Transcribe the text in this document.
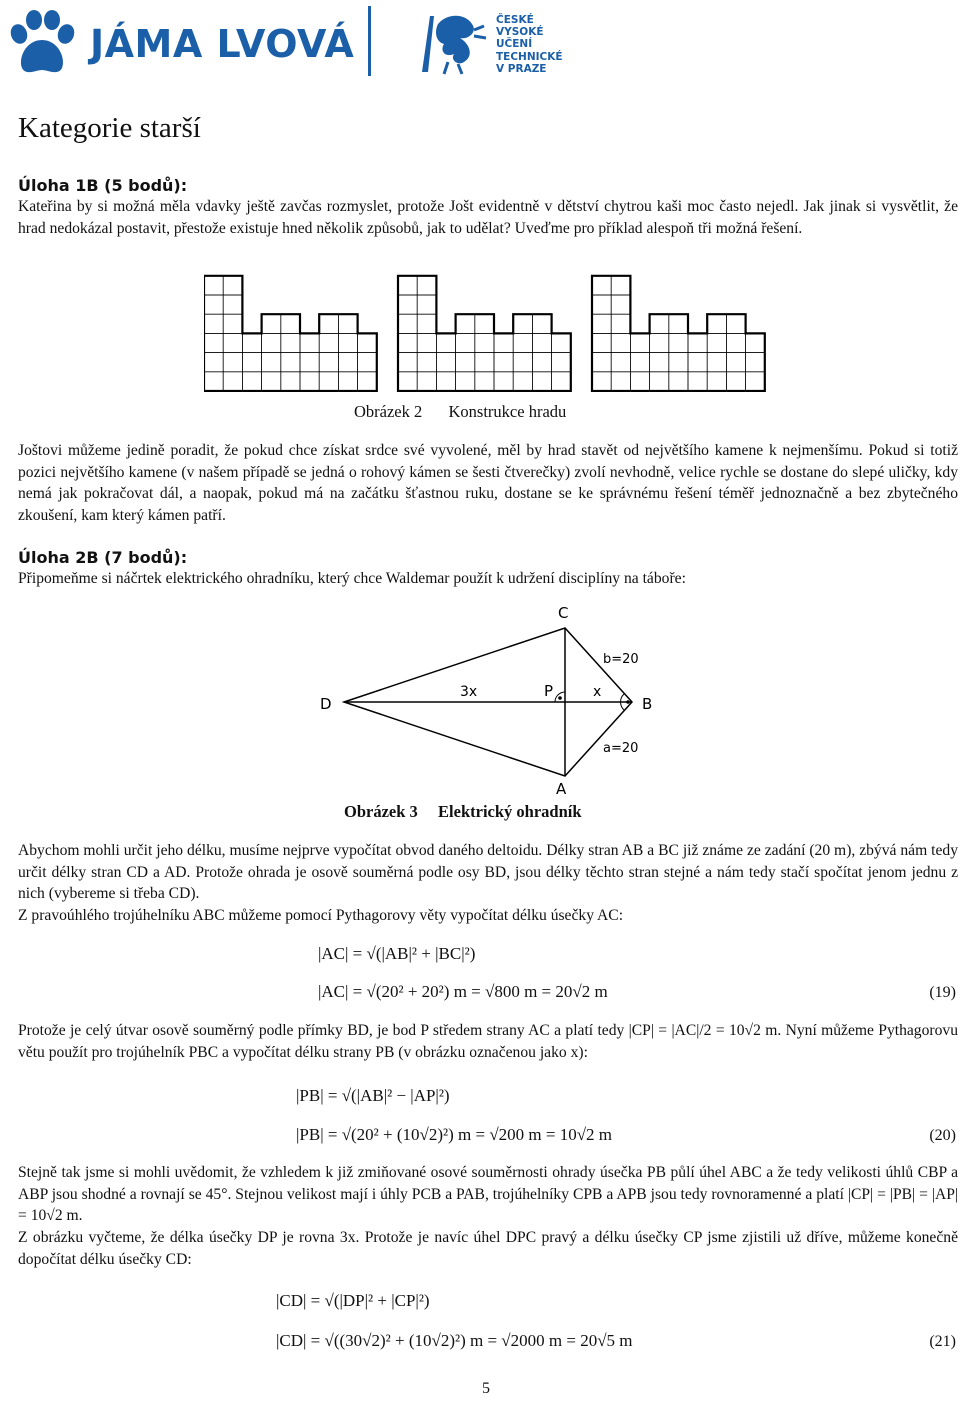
JÁMA LVOVÁ
ČESKÉ
VYSOKÉ
UČENÍ
TECHNICKÉ
V PRAZE
Kategorie starší
Úloha 1B (5 bodů):

Kateřina by si možná měla vdavky ještě zavčas rozmyslet, protože Jošt evidentně v dětství chytrou kaši moc často nejedl. Jak jinak si vysvětlit, že hrad nedokázal postavit, přestože existuje hned několik způsobů, jak to udělat? Uveďme pro příklad alespoň tři možná řešení.

Obrázek 2 Konstrukce hradu

Joštovi můžeme jedině poradit, že pokud chce získat srdce své vyvolené, měl by hrad stavět od největšího kamene k nejmenšímu. Pokud si totiž pozici největšího kamene (v našem případě se jedná o rohový kámen se šesti čtverečky) zvolí nevhodně, velice rychle se dostane do slepé uličky, kdy nemá jak pokračovat dál, a naopak, pokud má na začátku šťastnou ruku, dostane se ke správnému řešení téměř jednoznačně a bez zbytečného zkoušení, kam který kámen patří.

Úloha 2B (7 bodů):

Připomeňme si náčrtek elektrického ohradníku, který chce Waldemar použít k udržení disciplíny na táboře:

C
D	B
A
P
3x	x
b=20
a=20
Obrázek 3 Elektrický ohradník

Abychom mohli určit jeho délku, musíme nejprve vypočítat obvod daného deltoidu. Délky stran AB a BC již známe ze zadání (20 m), zbývá nám tedy určit délky stran CD a AD. Protože ohrada je osově souměrná podle osy BD, jsou délky těchto stran stejné a nám tedy stačí spočítat jenom jednu z nich (vybereme si třeba CD).

Z pravoúhlého trojúhelníku ABC můžeme pomocí Pythagorovy věty vypočítat délku úsečky AC:

|AC| = √(|AB|² + |BC|²)
|AC| = √(20² + 20²) m = √800 m = 20√2 m	(19)

Protože je celý útvar osově souměrný podle přímky BD, je bod P středem strany AC a platí tedy |CP| = |AC|/2 = 10√2 m. Nyní můžeme Pythagorovu větu použít pro trojúhelník PBC a vypočítat délku strany PB (v obrázku označenou jako x):

|PB| = √(|AB|² − |AP|²)
|PB| = √(20² + (10√2)²) m = √200 m = 10√2 m	(20)

Stejně tak jsme si mohli uvědomit, že vzhledem k již zmiňované osové souměrnosti ohrady úsečka PB půlí úhel ABC a že tedy velikosti úhlů CBP a ABP jsou shodné a rovnají se 45°. Stejnou velikost mají i úhly PCB a PAB, trojúhelníky CPB a APB jsou tedy rovnoramenné a platí |CP| = |PB| = |AP| = 10√2 m.

Z obrázku vyčteme, že délka úsečky DP je rovna 3x. Protože je navíc úhel DPC pravý a délku úsečky CP jsme zjistili už dříve, můžeme konečně dopočítat délku úsečky CD:

|CD| = √(|DP|² + |CP|²)
|CD| = √((30√2)² + (10√2)²) m = √2000 m = 20√5 m	(21)
5
